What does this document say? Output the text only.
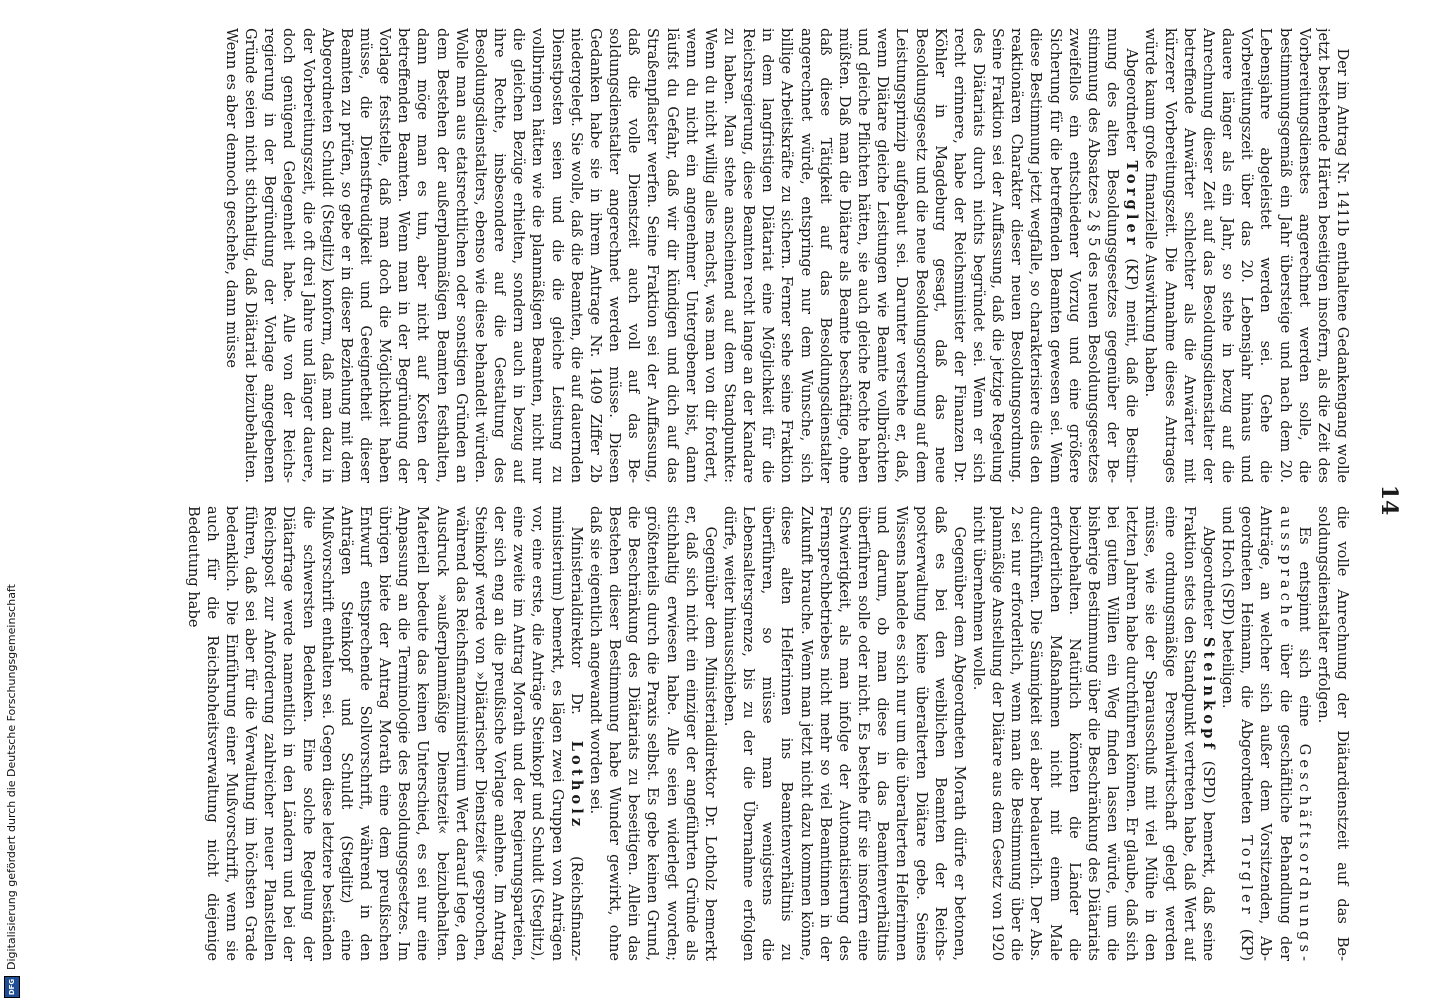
14

Der im Antrag Nr. 1411b enthaltene Gedankengang wolle jetzt bestehende Härten beseitigen insofern, als die Zeit des Vorbereitungsdienstes angerechnet werden solle, die bestimmungsgemäß ein Jahr übersteige und nach dem 20. Lebensjahre abgeleistet werden sei. Gehe die Vorbereitungszeit über das 20. Lebensjahr hinaus und dauere länger als ein Jahr, so stehe in bezug auf die Anrechnung dieser Zeit auf das Besoldungsdienstalter der betreffende Anwärter schlechter als die Anwärter mit kürzerer Vorbereitungszeit. Die Annahme dieses Antrages würde kaum große finanzielle Auswirkung haben.

Abgeordneter Torgler (KP) meint, daß die Bestimmung des alten Besoldungsgesetzes gegenüber der Bestimmung des Absatzes 2 § 5 des neuen Besoldungsgesetzes zweifellos ein entschiedener Vorzug und eine größere Sicherung für die betreffenden Beamten gewesen sei. Wenn diese Bestimmung jetzt wegfalle, so charakterisiere dies den reaktionären Charakter dieser neuen Besoldungsordnung. Seine Fraktion sei der Auffassung, daß die jetzige Regelung des Diätariats durch nichts begründet sei. Wenn er sich recht erinnere, habe der Reichsminister der Finanzen Dr. Köhler in Magdeburg gesagt, daß das neue Besoldungsgesetz und die neue Besoldungsordnung auf dem Leistungsprinzip aufgebaut sei. Darunter verstehe er, daß, wenn Diätare gleiche Leistungen wie Beamte vollbrächten und gleiche Pflichten hätten, sie auch gleiche Rechte haben müßten. Daß man die Diätare als Beamte beschäftige, ohne daß diese Tätigkeit auf das Besoldungsdienstalter angerechnet würde, entspringe nur dem Wunsche, sich billige Arbeitskräfte zu sichern. Ferner sehe seine Fraktion in dem langfristigen Diätariat eine Möglichkeit für die Reichsregierung, diese Beamten recht lange an der Kandare zu haben. Man stehe anscheinend auf dem Standpunkte: Wenn du nicht willig alles machst, was man von dir fordert, wenn du nicht ein angenehmer Untergebener bist, dann läufst du Gefahr, daß wir dir kündigen und dich auf das Straßenpflaster werfen. Seine Fraktion sei der Auffassung, daß die volle Dienstzeit auch voll auf das Besoldungsdienstalter angerechnet werden müsse. Diesen Gedanken habe sie in ihrem Antrage Nr. 1409 Ziffer 2b niedergelegt. Sie wolle, daß die Beamten, die auf dauernden Dienstposten seien und die die gleiche Leistung zu vollbringen hätten wie die planmäßigen Beamten, nicht nur die gleichen Bezüge erhielten, sondern auch in bezug auf ihre Rechte, insbesondere auf die Gestaltung des Besoldungsdienstalters, ebenso wie diese behandelt würden. Wolle man aus etatsrechtlichen oder sonstigen Gründen an dem Bestehen der außerplanmäßigen Beamten festhalten, dann möge man es tun, aber nicht auf Kosten der betreffenden Beamten. Wenn man in der Begründung der Vorlage feststelle, daß man doch die Möglichkeit haben müsse, die Dienstfreudigkeit und Geeignetheit dieser Beamten zu prüfen, so gebe er in dieser Beziehung mit dem Abgeordneten Schuldt (Steglitz) konform, daß man dazu in der Vorbereitungszeit, die oft drei Jahre und länger dauere, doch genügend Gelegenheit habe. Alle von der Reichsregierung in der Begründung der Vorlage angegebenen Gründe seien nicht stichhaltig, daß Diätariat beizubehalten. Wenn es aber dennoch geschehe, dann müsse

die volle Anrechnung der Diätardienstzeit auf das Besoldungsdienstalter erfolgen.

Es entspinnt sich eine Geschäftsordnungsaussprache über die geschäftliche Behandlung der Anträge, an welcher sich außer dem Vorsitzenden, Abgeordneten Heimann, die Abgeordneten Torgler (KP) und Hoch (SPD) beteiligen.

Abgeordneter Steinkopf (SPD) bemerkt, daß seine Fraktion stets den Standpunkt vertreten habe, daß Wert auf eine ordnungsmäßige Personalwirtschaft gelegt werden müsse, wie sie der Sparausschuß mit viel Mühe in den letzten Jahren habe durchführen können. Er glaube, daß sich bei gutem Willen ein Weg finden lassen würde, um die bisherige Bestimmung über die Beschränkung des Diätariats beizubehalten. Natürlich könnten die Länder die erforderlichen Maßnahmen nicht mit einem Male durchführen. Die Säumigkeit sei aber bedauerlich. Der Abs. 2 sei nur erforderlich, wenn man die Bestimmung über die planmäßige Anstellung der Diätare aus dem Gesetz von 1920 nicht übernehmen wolle.

Gegenüber dem Abgeordneten Morath dürfe er betonen, daß es bei den weiblichen Beamten der Reichspostverwaltung keine überalterten Diätare gebe. Seines Wissens handele es sich nur um die überalterten Helferinnen und darum, ob man diese in das Beamtenverhältnis überführen solle oder nicht. Es bestehe für sie insofern eine Schwierigkeit, als man infolge der Automatisierung des Fernsprechbetriebes nicht mehr so viel Beamtinnen in der Zukunft brauche. Wenn man jetzt nicht dazu kommen könne, diese alten Helferinnen ins Beamtenverhältnis zu überführen, so müsse man wenigstens die Lebensaltersgrenze, bis zu der die Übernahme erfolgen dürfe, weiter hinausschieben.

Gegenüber dem Ministerialdirektor Dr. Lotholz bemerkt er, daß sich nicht ein einziger der angeführten Gründe als stichhaltig erwiesen habe. Alle seien widerlegt worden; größtenteils durch die Praxis selbst. Es gebe keinen Grund, die Beschränkung des Diätariats zu beseitigen. Allein das Bestehen dieser Bestimmung habe Wunder gewirkt, ohne daß sie eigentlich angewandt worden sei.

Ministerialdirektor Dr. Lotholz (Reichsfinanzministerium) bemerkt, es lägen zwei Gruppen von Anträgen vor, eine erste, die Anträge Steinkopf und Schuldt (Steglitz), eine zweite im Antrag Morath und der Regierungsparteien, der sich eng an die preußische Vorlage anlehne. Im Antrag Steinkopf werde von »Diätarischer Dienstzeit« gesprochen, während das Reichsfinanzministerium Wert darauf lege, den Ausdruck »außerplanmäßige Dienstzeit« beizubehalten. Materiell bedeute das keinen Unterschied, es sei nur eine Anpassung an die Terminologie des Besoldungsgesetzes. Im übrigen biete der Antrag Morath eine dem preußischen Entwurf entsprechende Sollvorschrift, während in den Anträgen Steinkopf und Schuldt (Steglitz) eine Mußvorschrift enthalten sei. Gegen diese letztere beständen die schwersten Bedenken. Eine solche Regelung der Diätarfrage werde namentlich in den Ländern und bei der Reichspost zur Anforderung zahlreicher neuer Planstellen führen, daß sei aber für die Verwaltung im höchsten Grade bedenklich. Die Einführung einer Mußvorschrift, wenn sie auch für die Reichshoheitsverwaltung nicht diejenige Bedeutung habe

DFG
Digitalisierung gefördert durch die Deutsche Forschungsgemeinschaft
